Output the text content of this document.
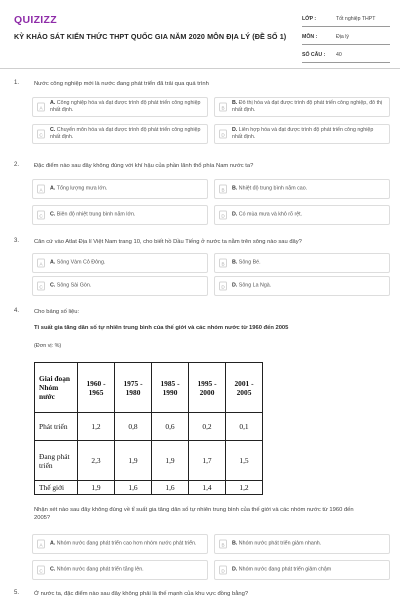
QUIZIZZ
KỲ KHẢO SÁT KIẾN THỨC THPT QUỐC GIA NĂM 2020 MÔN ĐỊA LÝ (ĐỀ SỐ 1)
LỚP :	Tốt nghiệp THPT
MÔN :	Địa lý
SỐ CÂU :	40
1.	Nước công nghiệp mới là nước đang phát triển đã trải qua quá trình
A
A. Công nghiệp hóa và đạt được trình độ phát triển công nghiệp nhất định.	B
B. Đô thị hóa và đạt được trình độ phát triển công nghiệp, đô thị nhất định.
C
C. Chuyển môn hóa và đạt được trình độ phát triển công nghiệp nhất định.	D
D. Liên hợp hóa và đạt được trình độ phát triển công nghiệp nhất định.
2.	Đặc điểm nào sau đây không đúng với khí hậu của phần lãnh thổ phía Nam nước ta?
A	A. Tổng lượng mưa lớn.	B	B. Nhiệt độ trung bình năm cao.
C	C. Biên độ nhiệt trung bình năm lớn.	D	D. Có mùa mưa và khô rõ rệt.
3.	Căn cứ vào Atlat Địa lí Việt Nam trang 10, cho biết hồ Dầu Tiếng ở nước ta nằm trên sông nào sau đây?
A	A. Sông Vàm Cỏ Đông.	B	B. Sông Bé.
C	C. Sông Sài Gòn.	D	D. Sông La Ngà.
4.	Cho bảng số liệu:
Tỉ suất gia tăng dân số tự nhiên trung bình của thế giới và các nhóm nước từ 1960 đến 2005
(Đơn vị: %)
Giai đoạn
Nhóm nước	1960 - 1965	1975 - 1980	1985 - 1990	1995 - 2000	2001 - 2005
Phát triển	1,2	0,8	0,6	0,2	0,1
Đang phát triển	2,3	1,9	1,9	1,7	1,5
Thế giới	1,9	1,6	1,6	1,4	1,2
Nhận xét nào sau đây không đúng về tỉ suất gia tăng dân số tự nhiên trung bình của thế giới và các nhóm nước từ 1960 đến 2005?
A	A. Nhóm nước đang phát triển cao hơn nhóm nước phát triển.	B	B. Nhóm nước phát triển giảm nhanh.
C	C. Nhóm nước đang phát triển tăng lên.	D	D. Nhóm nước đang phát triển giảm chậm
5.	Ở nước ta, đặc điểm nào sau đây không phải là thế mạnh của khu vực đồng bằng?
